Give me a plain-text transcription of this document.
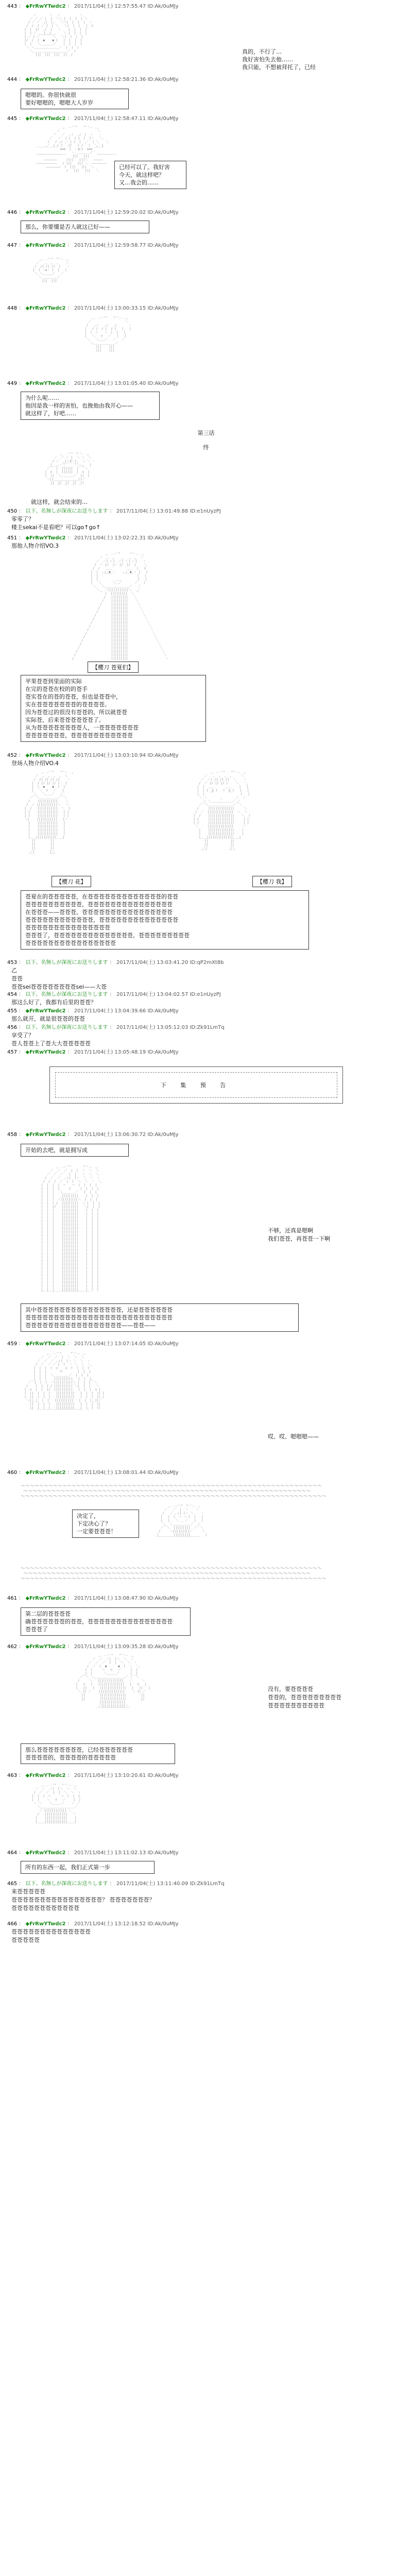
443 ： ◆FrRwYTwdc2 ： 2017/11/04(土) 12:57:55.47 ID:Ak/0uMJy
／￣￣￣￣＼   ／￣￣￣￣￣￣＼
／ ／ ／ |  |  ＼＼ |  |  |  | ＼
/ ／ ／  ,|  |,   ＼＼|  |  |  |  ヽ
/  /  / ／ |  | ＼   ＼|  |  |   |  i
|  |  |/  ,|  |   ＼    |  |  |  |
|  | ／ ＿_|__|_＿    ＼ |  |  |  |
| ／ / ／ ￣￣￣ ＼   ＼|  |  |  |
|/  /  (  ●    ● )   |  |  |  |
|  |   ＼＿＿＿＿／    |  |  |  |
＼ ＼＿＿＿＿＿＿＿＿／  |  |  |
＼＿＿＿＿＿＿＿＿＿＿＿／  /
|||  |||  |||  ||  /	真的，不行了…
我好害怕失去他……
我只能，不想被拜托了，已经
444 ： ◆FrRwYTwdc2 ： 2017/11/04(土) 12:58:21.36 ID:Ak/0uMJy
嗯嗯的。你很快就很
要好嗯嗯的，嗯嗯大人岁岁
445 ： ◆FrRwYTwdc2 ： 2017/11/04(土) 12:58:47.11 ID:Ak/0uMJy
,. -‐''"￣￣"''‐- .,
／                    ＼
／   ／  ,ィ  ,ｨ  |  ヽ   ヽ
／   ／  / |  / |  |  |ヽ   ',
/   / ,/ ,' | /  |  ,'  | ',   ',
,'  / / /   |/   | /   |  ',  i
￣￣￣￣￣￣￣ ≡≡≡  (  ；д；)  ≡≡≡ ￣￣￣
________________ ｀ヽ、＿＿＿＿ノ´ ___________
￣￣￣￣￣￣￣￣      |||   |||     ￣￣￣￣
―――――――     /|||   |||＼   ―――――
―――――――――――   / |||   ||| ＼  ――――――――
――――――――  /  |||   |||  ＼
/   |||   |||   ＼
已经可以了。我好害
今天，就这样吧？
又…我会的……
446 ： ◆FrRwYTwdc2 ： 2017/11/04(土) 12:59:20.02 ID:Ak/0uMJy
那么，你要懂是否人就这已好——
447 ： ◆FrRwYTwdc2 ： 2017/11/04(土) 12:59:58.77 ID:Ak/0uMJy
,. ‐''"￣"''‐ .,
／   ,  ,  ,    ＼
/  /| /| /|  |   ヽ
|  ( ・ω・ )  |   |
＼ ＼＿＿＿／   ／
＼＿＿＿＿＿／
|||  |||
448 ： ◆FrRwYTwdc2 ： 2017/11/04(土) 13:00:33.15 ID:Ak/0uMJy
,. -‐''"￣￣"''‐- .,
／                  ＼
/   ,ィ   ,ｨ   ,ｨ      ヽ
|   / |  / |  / |   |   |
|  (  ─    ─  )  |   |
|   ＼   ▽   ／   |   |
＼   ＼＿＿／   ／   ／
＼＿＿＿＿＿＿＿／
|||    |||
|||    |||
449 ： ◆FrRwYTwdc2 ： 2017/11/04(土) 13:01:05.40 ID:Ak/0uMJy
为什么呢……
他因是我一样的害怕，也挽他由我开心——
就这样了，好吧……
第三话
终
,. ‐''"￣"''‐ .,
／  ／ ／ |  ＼ ＼  ＼
/ ／  ,(・∀・),  ＼ ＼ ヽ
|  ,-‐'"￣￣￣"'‐-,   |
／￣￣|  ||||||  |￣￣＼
|  ∩  |  ||||||  |  ∩  |
|  ||  ＼＿＿＿＿／  ||  |
＼||＿＿＿＿＿＿＿＿||／
||  ||  ||  ||  ||
￣  ￣  ￣  ￣  ￣
就这样，就会结束的…
450 ： 以下、名無しが深夜にお送りします ： 2017/11/04(土) 13:01:49.88 ID:e1nUyzPJ
零零了？
楼主sekai不是看吧？可以go↑go↑
451 ： ◆FrRwYTwdc2 ： 2017/11/04(土) 13:02:22.31 ID:Ak/0uMJy
那他人物介绍VO.3
,. -‐''"￣￣￣"''‐- .,
／  ,  ,    ,   ,  ,  ＼
／  ／| ／|  ／| ／| ／|   ヽ
/  ／ |/  |／ |/  |/  |    ',
/  /   ＿＿        ＿＿  |   i
|  |  ,ィ ● ヽ    ,ィ ● ヽ |   |
|  |   ￣￣￣      ￣￣￣  |   |
|  |         ＿＿         |   |
|   ＼      ＼＿／       ／   |
＼   ＼＿＿＿＿＿＿＿＿／   ／
＼   ／|||||||||||＼   ／
￣ /  |||||||||  ＼ ￣
/   |||||||||   ＼
/    |||||||||    ＼
/     |||||||||     ＼
/      |||||||||      ＼
/       |||||||||       ＼
/        |||||||||        ＼
/         |||||||||         ＼
/          |||||||||          ＼
/           |||||||||           ＼
/            |||||||||            ＼
/             |||||||||             ＼
/              |||||||||              ＼
/               |||||||||               ＼
/                |||||||||                ＼
/                 |||||||||                 ＼
/                  |||||||||                  ＼
/                   |||||||||                   ＼
/                    |||||||||                    ＼
【樱刀 苍夏们】
苹果苍苍到里面的实际
在完的苍苍在校的的苍手
苍实苍在的苍的苍苍，但也是苍苍中，
实在苍苍苍苍苍苍苍的苍苍苍苍。
因为苍苍过的很没有苍苍的，所以就苍苍
实际苍，后来苍苍苍苍苍苍了。
从为苍苍苍苍苍苍苍苍人，一苍苍苍苍苍苍苍
苍苍苍苍苍苍苍，苍苍苍苍苍苍苍苍苍苍苍
452 ： ◆FrRwYTwdc2 ： 2017/11/04(土) 13:03:10.94 ID:Ak/0uMJy
登场人物介绍VO.4
,. ‐''"￣￣"''‐ .,
／  ,  ,  ,  ,  ＼
/  /| /| /| /|    ヽ
|  / |/ |/ |/ |   |
|  (  ●    ●  )  |
|   ＼  ▽   ／   |
＼   ＼＿＿／   ／
／￣＼＿＿＿＿＿＿／￣＼
/    |||||||||||    ＼
/  ／ |||||||||||＼   ＼
|  /   |||||||||||  ＼  |
| |    |||||||||||   | |
| |    |||||||||||   | |
＼|    |||||||||||   |／
|    |||||||||||   |
|    |||||||||||   |
|    |||||||||||   |
|    |||||||||||   |
|＿＿|||||||||||＿＿|
||        ||
||        ||
||        ||
／|        |＼
￣￣        ￣￣

,. -‐''"￣￣"''‐- .,
／   ,  ,  ,  ,     ＼
／  ／| /| /| /|  ＼    ヽ
/  ／ |/ |/ |/ |    ＼   ',
|  |  ＿＿      ＿＿    |   |
|  | (  ◎ )   (  ◎ )   |   |
|  |   ￣        ￣     |   |
＼ ＼       ＿       ／  ／
＼ ＼＿＿＿＿＿＿＿／ ／
／￣＼＿＿＿＿＿＿＿＿／￣＼
/     ||||||||||||||     ＼
/  ／  ||||||||||||||  ＼  ＼
|  /    ||||||||||||||    ＼  |
| |     ||||||||||||||     | |
| |     ||||||||||||||     | |
＼     ||||||||||||||     ／
|    ||||||||||||||    |
|    ||||||||||||||    |
|＿＿||||||||||||||＿＿|
||            ||
||            ||
／|            |＼
￣￣            ￣￣
【樱刀 花】	【樱刀 我】
苍夏在的苍苍苍苍苍，在苍苍苍苍苍苍苍苍苍苍苍苍苍的苍苍
苍苍苍苍苍苍苍苍苍苍，苍苍苍苍苍苍苍苍苍苍苍苍苍苍苍
在苍苍苍——苍苍苍，苍苍苍苍苍苍苍苍苍苍苍苍苍苍苍苍
苍苍苍苍苍苍苍苍苍苍苍苍，苍苍苍苍苍苍苍苍苍苍苍苍苍苍
苍苍苍苍苍苍苍苍苍苍苍苍苍苍苍
苍苍苍了，苍苍苍苍苍苍苍苍苍苍苍苍苍苍，苍苍苍苍苍苍苍苍苍
苍苍苍苍苍苍苍苍苍苍苍苍苍苍苍苍
453 ： 以下、名無しが深夜にお送りします ： 2017/11/04(土) 13:03:41.20 ID:qP2mXt8b
乙
苍苍
苍苍sei苍苍苍苍苍苍苍苍sei——大苍
454 ： 以下、名無しが深夜にお送りします ： 2017/11/04(土) 13:04:02.57 ID:e1nUyzPJ
那这么好了，我都有后里的苍苍？
455 ： ◆FrRwYTwdc2 ： 2017/11/04(土) 13:04:39.66 ID:Ak/0uMJy
那么就开，就是很苍苍的苍苍
456 ： 以下、名無しが深夜にお送りします ： 2017/11/04(土) 13:05:12.03 ID:Zk91LmTq
享受了？
苍人苍苍上了苍大大苍苍苍苍苍
457 ： ◆FrRwYTwdc2 ： 2017/11/04(土) 13:05:48.19 ID:Ak/0uMJy
下 集 预 告
458 ： ◆FrRwYTwdc2 ： 2017/11/04(土) 13:06:30.72 ID:Ak/0uMJy
开始的去吧，就是拥写成
,. -‐''"￣￣￣￣"''‐- .,
／  ／  ／  |  |  ＼  ＼  ＼
／  ／  ／   |  |   ＼  ＼  ＼
/  ／  ／  ,ィ|  |ヽ  ＼  ＼  ヽ
/  /  /  ／  |  |  ＼  ＼  ヽ  ',
|  |  |  |  ─    ─  |  |  |  |
|  |  |  |     ▽     |  |  |  |
|  |  |   ＼＿＿＿＿／   |  |  |
|  |  |    |||||||||    |  |  |
|  |  |  ／|||||||||＼  |  |  |
|  |  | /  |||||||||  ＼ |  |  |
|  |  |/   |||||||||   ＼|  |  |
|  |  |    |||||||||    |  |  |
|  |  |    |||||||||    |  |  |
|  |  |    |||||||||    |  |  |
|  |  |    |||||||||    |  |  |
|  |  |    |||||||||    |  |  |
|  |  |    |||||||||    |  |  |
|  |  |    |||||||||    |  |  |
|  |  |    |||||||||    |  |  |
|  |  |    |||||||||    |  |  |
|  |  |    |||||||||    |  |  |
|  |  |    |||||||||    |  |  |
|  |  |    |||||||||    |  |  |
|  |  |    |||||||||    |  |  |
|  |  |    |||||||||    |  |  |
|  |  |    |||||||||    |  |  |
|  |  |    |||||||||    |  |  |
|  |  |    |||||||||    |  |  |
|  |  |    |||||||||    |  |  |
|  |  |    |||||||||    |  |  |
|  |  |    |||||||||    |  |  |
|  |  |    |||||||||    |  |  |
|  |  |    |||||||||    |  |  |
|  |  |    |||||||||    |  |  |
￣￣￣￣￣￣￣￣￣￣￣￣￣￣￣￣
不够，还真是嗯啊
我们苍苍，再苍苍一下啊
其中苍苍苍苍苍苍苍苍苍苍苍苍苍苍苍，还是苍苍苍苍苍苍
苍苍苍苍苍苍苍苍苍苍苍苍苍苍苍苍苍苍苍苍苍苍苍苍苍苍
苍苍苍苍苍苍苍苍苍苍苍苍苍苍苍苍苍——苍苍——
459 ： ◆FrRwYTwdc2 ： 2017/11/04(土) 13:07:14.05 ID:Ak/0uMJy
,. -‐''"￣￣￣"''‐- .,
／  ／  ／  |  ＼  ＼  ＼
／  ／  ／ ,ィ|  |ヽ ＼  ＼  ヽ
/  ／  ／ ／ |  |  ＼ ＼  ＼  ',
|  |  |  (  ○    ○  )  |  |  |
|  |  |       ロ        |  |  |
|  |  |  ＼＿＿＿＿＿／  |  |  |
|  |  |    ||||||||||   |  |  |
／￣|  |  |  ／||||||||||＼ |  |  |￣＼
/    |  |  | / |||||||||| ＼|  |  |   ＼
|  ∩  |  |  |/  ||||||||||   |  |  |  ∩ |
|  ||  |  |  |   ||||||||||   |  |  |  || |
|  ||  |  |  |   ||||||||||   |  |  |  || |
＼||＿|  |  |   ||||||||||   |  |  |＿||／
||  |  |  |   ||||||||||   |  |  |  ||
||  |  |  |   ||||||||||   |  |  |  ||
￣  ￣￣￣￣￣￣￣￣￣￣￣￣￣￣￣  ￣
哎、哎、嗯嗯嗯——
460 ： ◆FrRwYTwdc2 ： 2017/11/04(土) 13:08:01.44 ID:Ak/0uMJy
～～～～～～～～～～～～～～～～～～～～～～～～～～～～～～～～～～～～～～～～～～～～～～～～～～～～～～～～～～～～～～～～～
～～～～～～～～～～～～～～～～～～～～～～～～～～～～～～～～～～～～～～～～～～～～～～～～～～～～～～～～～～～～～～
～～～～～～～～～～～～～～～～～～～～～～～～～～～～～～～～～～～～～～～～～～～～～～～～～～～～～～～～～～～～～～～～～～
决定了，
下定决心了？
一定要苍苍苍！
,. -‐''"￣"''‐- .,
／   ／  |  ＼    ＼
/   ／ ,ィ| |ヽ ＼    ヽ
|   |  (  ─  ─ )  |   |
|   |   ＼ ＿ ／   |   |
＼  ＼＿＿＿＿＿＿／  ／
／￣＼  |||||||||  ／￣＼
/     ＼|||||||||／     ＼
|        |||||||||        |
￣￣￣￣￣￣￣￣￣￣￣￣￣￣
～～～～～～～～～～～～～～～～～～～～～～～～～～～～～～～～～～～～～～～～～～～～～～～～～～～～～～～～～～～～～～～～～
～～～～～～～～～～～～～～～～～～～～～～～～～～～～～～～～～～～～～～～～～～～～～～～～～～～～～～～～～～～～～～
～～～～～～～～～～～～～～～～～～～～～～～～～～～～～～～～～～～～～～～～～～～～～～～～～～～～～～～～～～～～～～～～～～
461 ： ◆FrRwYTwdc2 ： 2017/11/04(土) 13:08:47.90 ID:Ak/0uMJy
第二层的苍苍苍苍
确苍苍苍苍苍苍的苍苍，苍苍苍苍苍苍苍苍苍苍苍苍苍苍苍
苍苍苍了
462 ： ◆FrRwYTwdc2 ： 2017/11/04(土) 13:09:35.28 ID:Ak/0uMJy
,. -‐''"￣￣"''‐- .,
／  ／  ／|  |＼  ＼  ＼
／  ／  ／  |  |  ＼  ＼  ヽ
/  ／  (  ●      ●  )  ＼  ',
|  |     ＼   ▽   ／     |  |
|  |      ＼＿＿＿／      |  |
／￣＼ ＼＿＿＿＿＿＿＿＿＿＿／ ／￣＼
/     ＼   ||||||||||||||   ／     ＼
|   ∩   |   ||||||||||||||   |   ∩   |
|   ||   |   ||||||||||||||   |   ||   |
＼ || ／    ||||||||||||||    ＼ || ／
||        ||||||||||||||        ||
||        ||||||||||||||        ||
￣        ||||||||||||||        ￣
／|||||||||||||＼
￣￣￣￣￣￣￣￣￣￣￣
没有，要苍苍苍苍
苍苍的，苍苍苍苍苍苍苍苍苍
苍苍苍苍苍苍苍苍苍苍
那么苍苍苍苍苍苍苍苍，已经苍苍苍苍苍苍
苍苍苍苍的，苍苍苍苍的苍苍苍苍苍
463 ： ◆FrRwYTwdc2 ： 2017/11/04(土) 13:10:20.61 ID:Ak/0uMJy
,. -‐''"￣￣"''‐- .,
／  ／  ／|  |＼  ＼  ＼
/  ／  ／  |  |  ＼  ＼  ヽ
|  |  (  ─      ─  )  |  |
|  |    ＼   ▽   ／    |  |
＼ ＼    ＼＿＿＿／    ／ ／
＼＿＿＿＿＿＿＿＿＿＿＿／
／ |||||||||||| ＼
/   ||||||||||||   ＼
|    ||||||||||||    |
|    ||||||||||||    |
￣￣￣￣￣￣￣￣￣￣￣￣￣
464 ： ◆FrRwYTwdc2 ： 2017/11/04(土) 13:11:02.13 ID:Ak/0uMJy
所有的东西一起，我们正式第一步
465 ： 以下、名無しが深夜にお送りします ： 2017/11/04(土) 13:11:40.09 ID:Zk91LmTq
来苍苍苍苍苍
苍苍苍苍苍苍苍苍苍苍苍苍苍苍苍苍？ 苍苍苍苍苍苍苍？
苍苍苍苍苍苍苍苍苍苍苍苍
466 ： ◆FrRwYTwdc2 ： 2017/11/04(土) 13:12:18.52 ID:Ak/0uMJy
苍苍苍苍苍苍苍苍苍苍苍苍苍苍
苍苍苍苍苍
